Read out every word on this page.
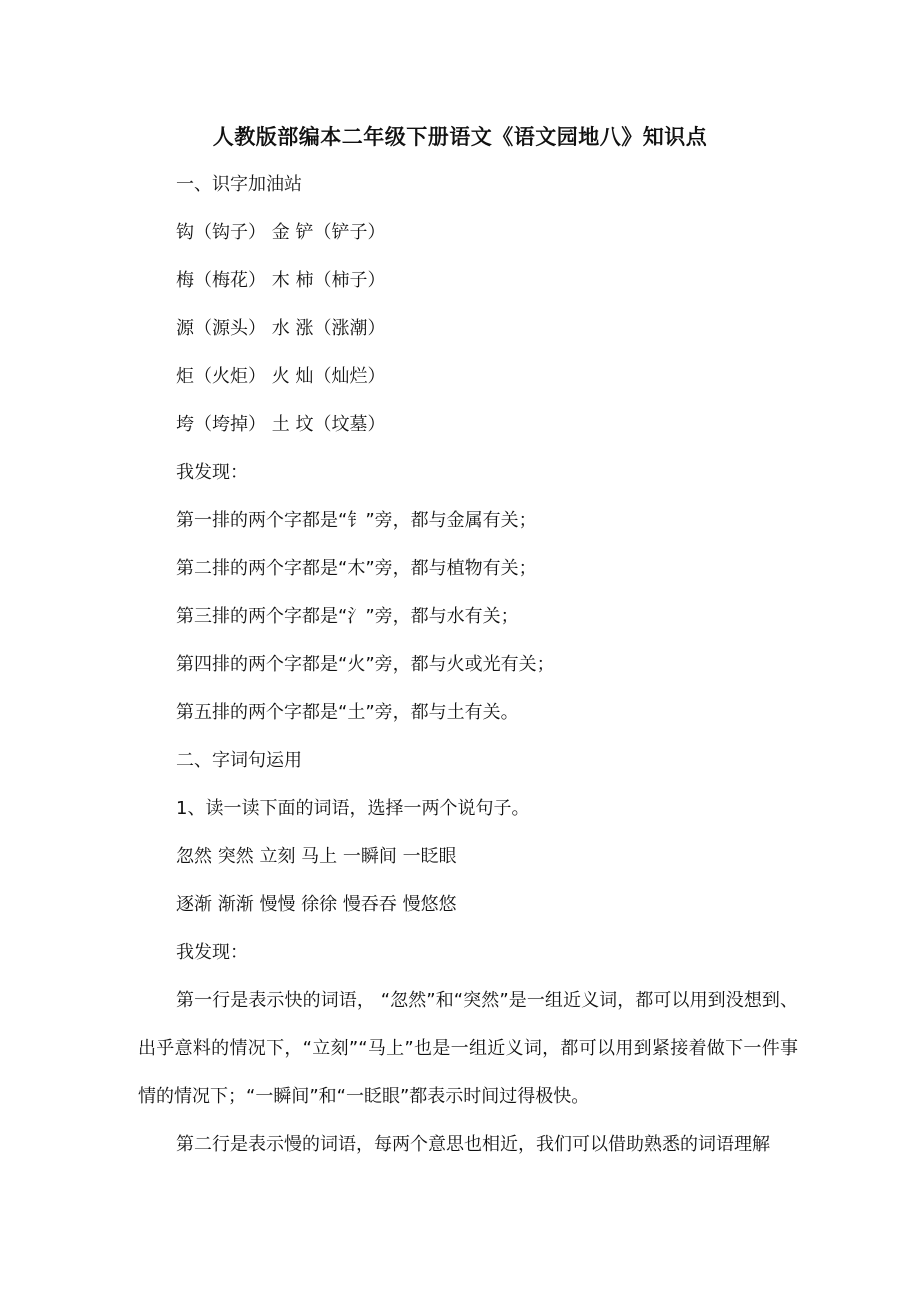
人教版部编本二年级下册语文《语文园地八》知识点
一、识字加油站
钩（钩子） 金 铲（铲子）
梅（梅花） 木 柿（柿子）
源（源头） 水 涨（涨潮）
炬（火炬） 火 灿（灿烂）
垮（垮掉） 土 坟（坟墓）
我发现：
第一排的两个字都是“钅”旁，都与金属有关；
第二排的两个字都是“木”旁，都与植物有关；
第三排的两个字都是“氵”旁，都与水有关；
第四排的两个字都是“火”旁，都与火或光有关；
第五排的两个字都是“土”旁，都与土有关。
二、字词句运用
1、读一读下面的词语，选择一两个说句子。
忽然 突然 立刻 马上 一瞬间 一眨眼
逐渐 渐渐 慢慢 徐徐 慢吞吞 慢悠悠
我发现：
第一行是表示快的词语， “忽然”和“突然”是一组近义词，都可以用到没想到、出乎意料的情况下，“立刻”“马上”也是一组近义词，都可以用到紧接着做下一件事情的情况下；“一瞬间”和“一眨眼”都表示时间过得极快。
第二行是表示慢的词语，每两个意思也相近，我们可以借助熟悉的词语理解
